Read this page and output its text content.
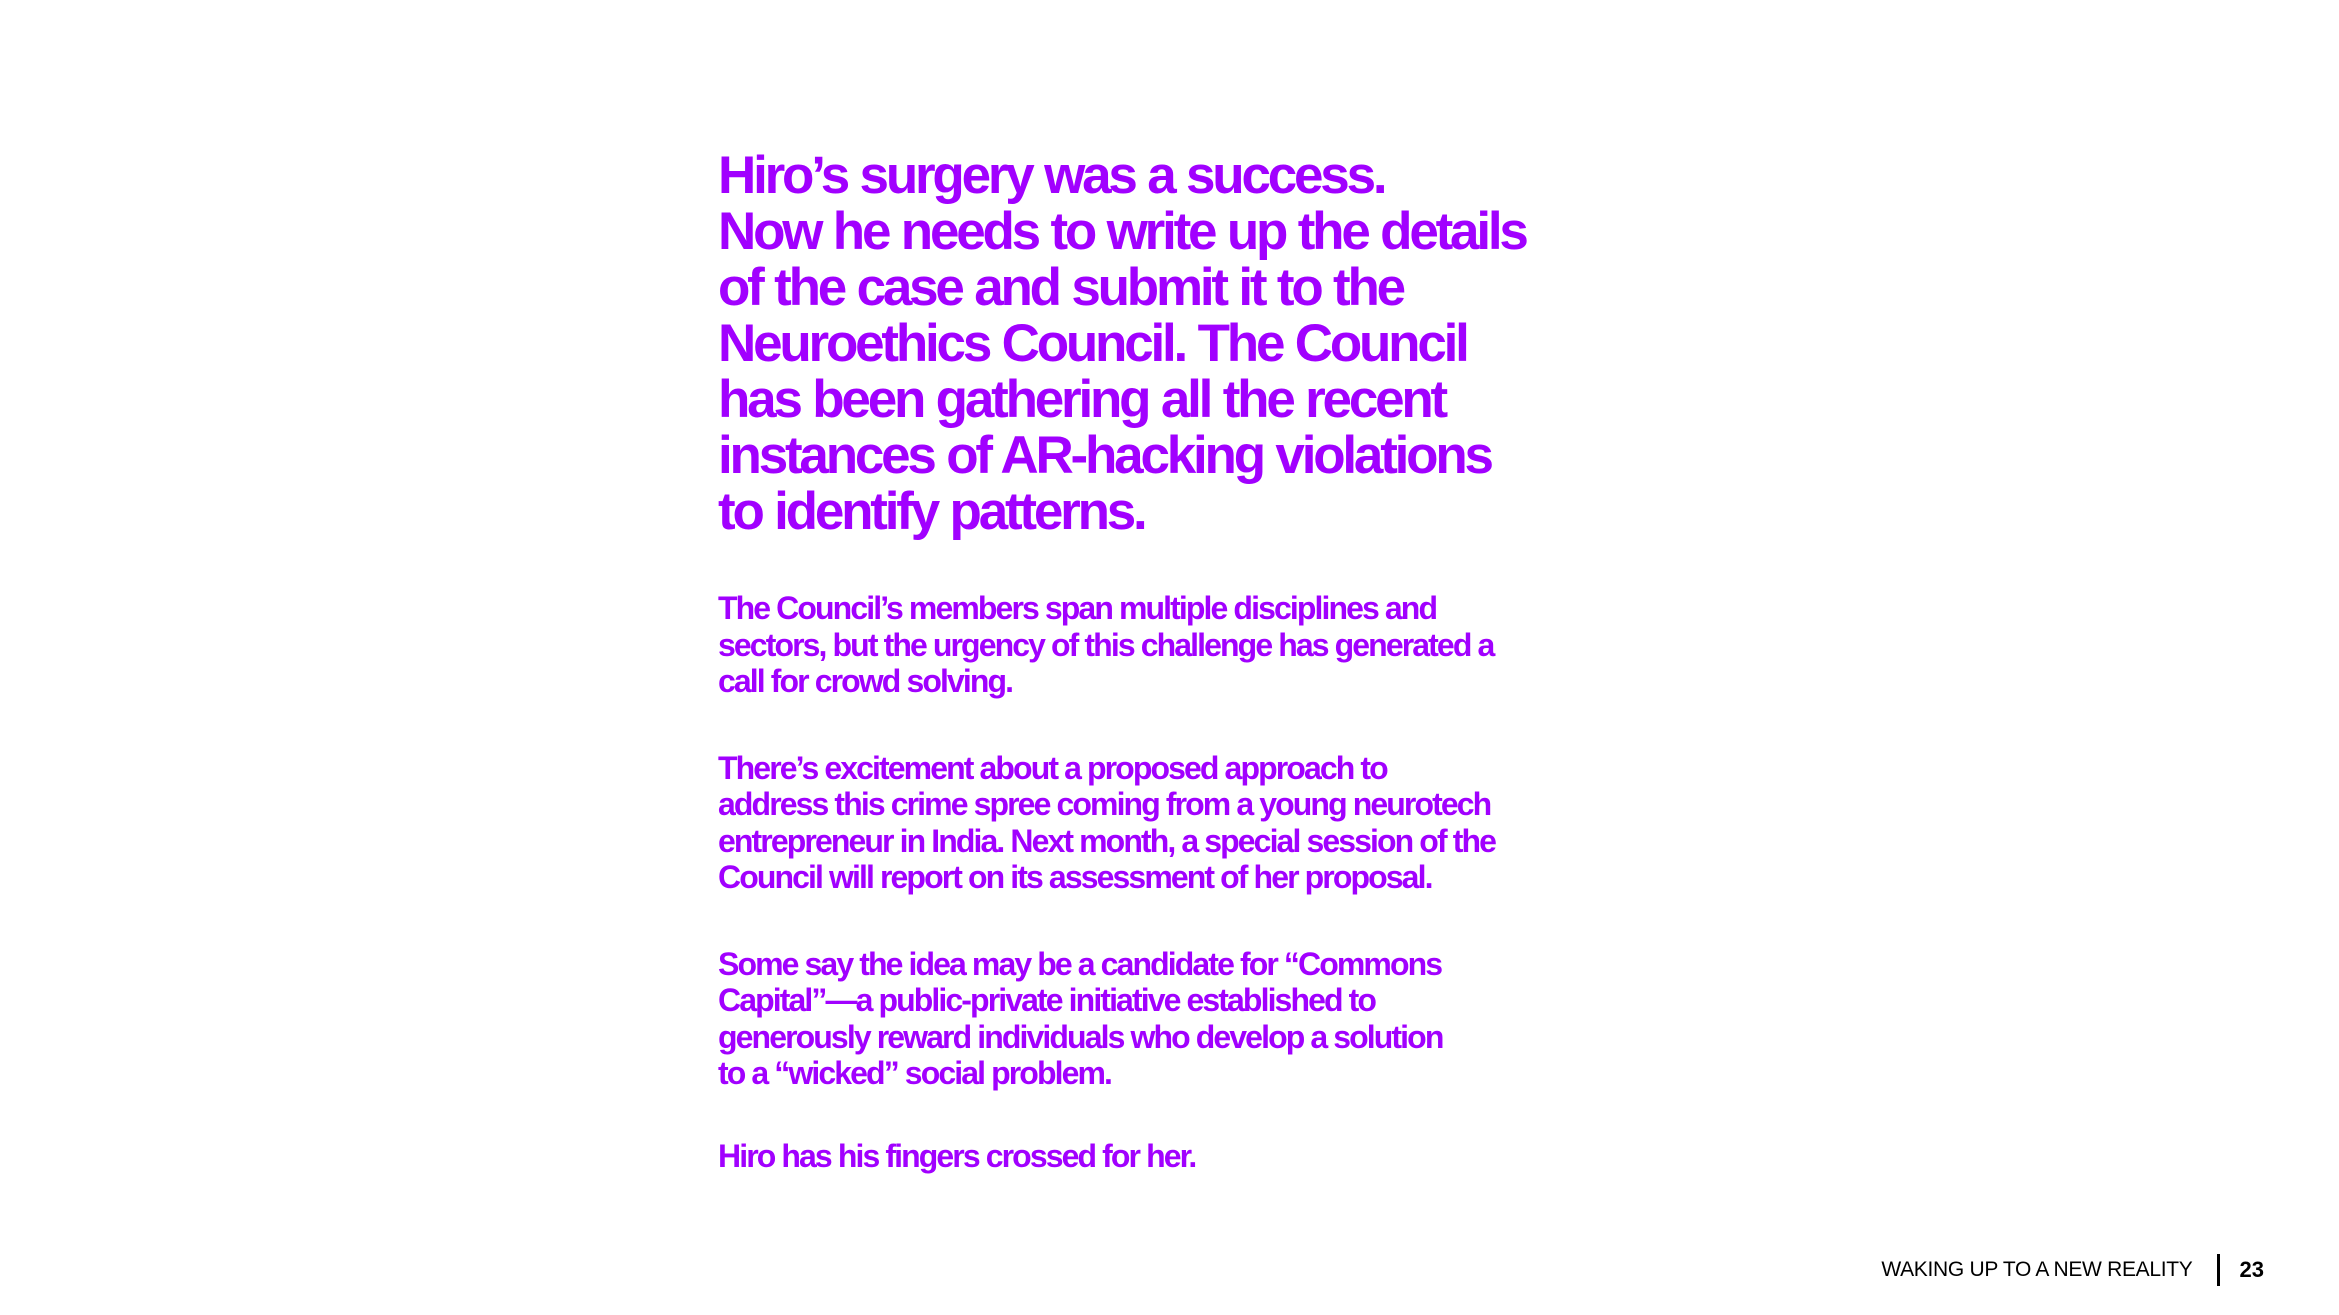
Hiro’s surgery was a success.
Now he needs to write up the details
of the case and submit it to the
Neuroethics Council. The Council
has been gathering all the recent
instances of AR-hacking violations
to identify patterns.

The Council’s members span multiple disciplines and
sectors, but the urgency of this challenge has generated a
call for crowd solving.

There’s excitement about a proposed approach to
address this crime spree coming from a young neurotech
entrepreneur in India. Next month, a special session of the
Council will report on its assessment of her proposal.

Some say the idea may be a candidate for “Commons
Capital”—a public-private initiative established to
generously reward individuals who develop a solution
to a “wicked” social problem.

Hiro has his fingers crossed for her.

WAKING UP TO A NEW REALITY 23
